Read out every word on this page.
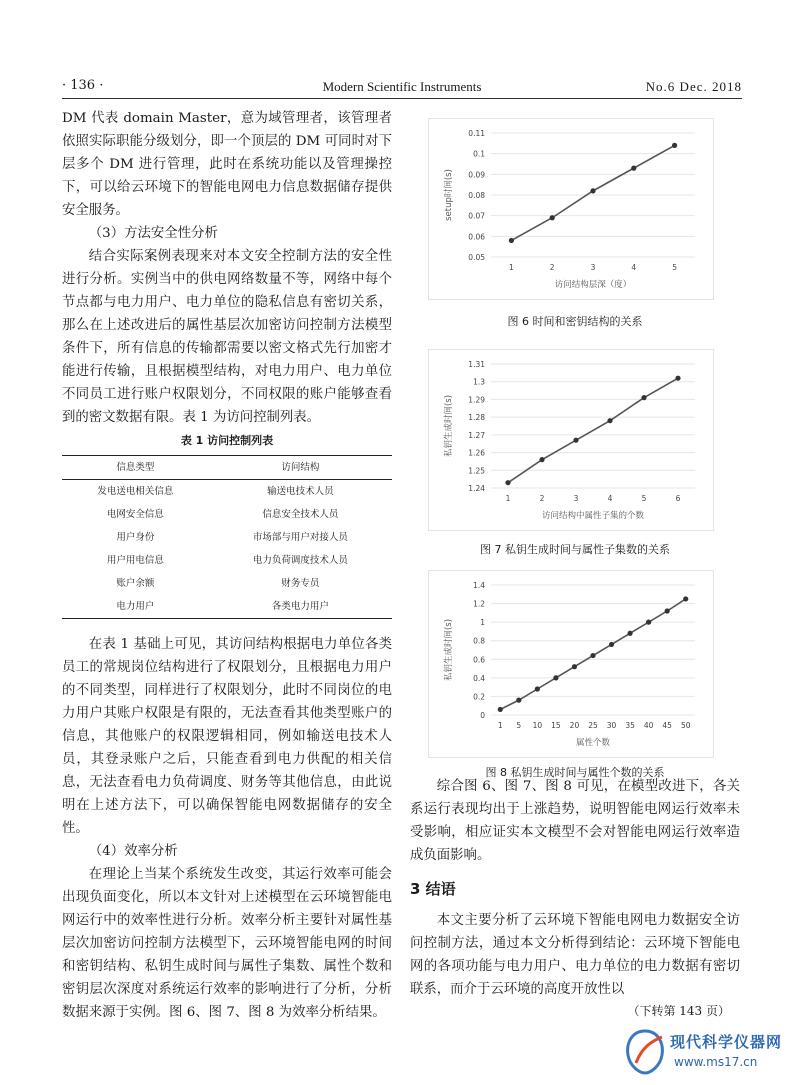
· 136 ·	Modern Scientific Instruments	No.6 Dec. 2018

DM 代表 domain Master，意为域管理者，该管理者依照实际职能分级划分，即一个顶层的 DM 可同时对下层多个 DM 进行管理，此时在系统功能以及管理操控下，可以给云环境下的智能电网电力信息数据储存提供安全服务。

（3）方法安全性分析

结合实际案例表现来对本文安全控制方法的安全性进行分析。实例当中的供电网络数量不等，网络中每个节点都与电力用户、电力单位的隐私信息有密切关系，那么在上述改进后的属性基层次加密访问控制方法模型条件下，所有信息的传输都需要以密文格式先行加密才能进行传输，且根据模型结构，对电力用户、电力单位不同员工进行账户权限划分，不同权限的账户能够查看到的密文数据有限。表 1 为访问控制列表。

表 1 访问控制列表
信息类型	访问结构
发电送电相关信息	输送电技术人员
电网安全信息	信息安全技术人员
用户身份	市场部与用户对接人员
用户用电信息	电力负荷调度技术人员
账户余额	财务专员
电力用户	各类电力用户

在表 1 基础上可见，其访问结构根据电力单位各类员工的常规岗位结构进行了权限划分，且根据电力用户的不同类型，同样进行了权限划分，此时不同岗位的电力用户其账户权限是有限的，无法查看其他类型账户的信息，其他账户的权限逻辑相同，例如输送电技术人员，其登录账户之后，只能查看到电力供配的相关信息，无法查看电力负荷调度、财务等其他信息，由此说明在上述方法下，可以确保智能电网数据储存的安全性。

（4）效率分析

在理论上当某个系统发生改变，其运行效率可能会出现负面变化，所以本文针对上述模型在云环境智能电网运行中的效率性进行分析。效率分析主要针对属性基层次加密访问控制方法模型下，云环境智能电网的时间和密钥结构、私钥生成时间与属性子集数、属性个数和密钥层次深度对系统运行效率的影响进行了分析，分析数据来源于实例。图 6、图 7、图 8 为效率分析结果。

0.05
0.06
0.07
0.08
0.09
0.1
0.11
1	2	3	4	5
访问结构层深（度）
setup时间(s)
图 6 时间和密钥结构的关系
1.24
1.25
1.26
1.27
1.28
1.29
1.3
1.31
1	2	3	4	5	6
访问结构中属性子集的个数
私钥生成时间(s)
图 7 私钥生成时间与属性子集数的关系
0
0.2
0.4
0.6
0.8
1
1.2
1.4
1 5 10 15 20 25 30 35 40 45 50
属性个数
私钥生成时间(s)
图 8 私钥生成时间与属性个数的关系

综合图 6、图 7、图 8 可见，在模型改进下，各关系运行表现均出于上涨趋势，说明智能电网运行效率未受影响，相应证实本文模型不会对智能电网运行效率造成负面影响。

3 结语

本文主要分析了云环境下智能电网电力数据安全访问控制方法，通过本文分析得到结论：云环境下智能电网的各项功能与电力用户、电力单位的电力数据有密切联系，而介于云环境的高度开放性以

（下转第 143 页）

现代科学仪器网
www.ms17.cn
